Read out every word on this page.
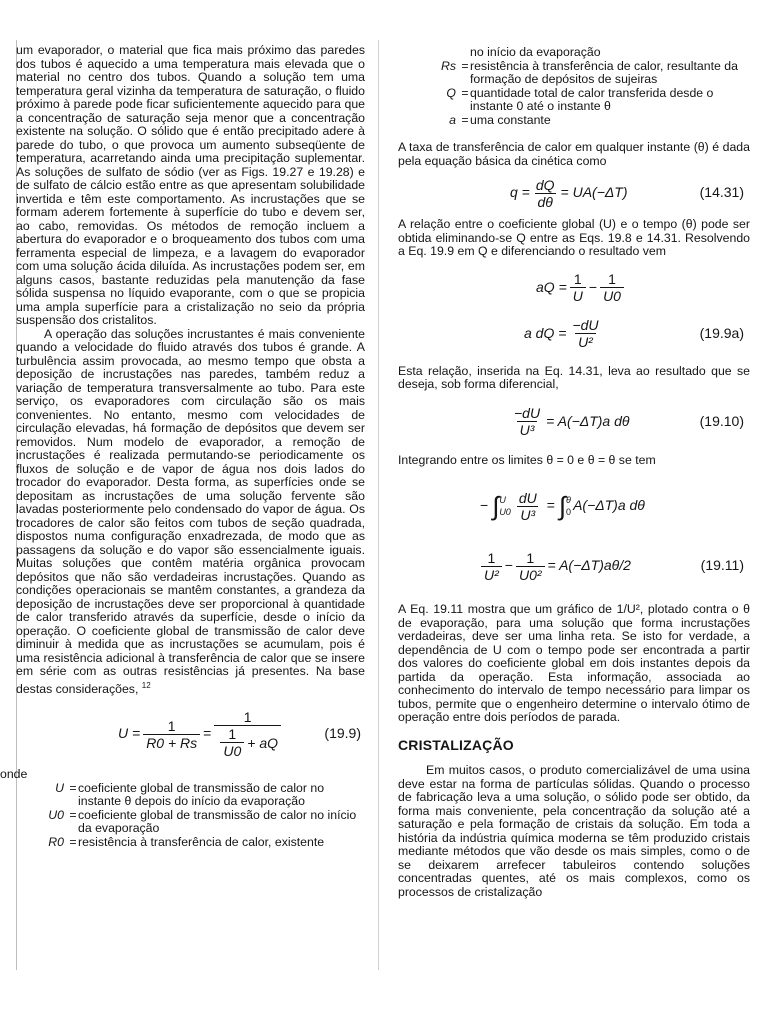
um evaporador, o material que fica mais próximo das paredes dos tubos é aquecido a uma temperatura mais elevada que o material no centro dos tubos. Quando a solução tem uma temperatura geral vizinha da temperatura de saturação, o fluido próximo à parede pode ficar suficientemente aquecido para que a concentração de saturação seja menor que a concentração existente na solução. O sólido que é então precipitado adere à parede do tubo, o que provoca um aumento subseqüente de temperatura, acarretando ainda uma precipitação suplementar. As soluções de sulfato de sódio (ver as Figs. 19.27 e 19.28) e de sulfato de cálcio estão entre as que apresentam solubilidade invertida e têm este comportamento. As incrustações que se formam aderem fortemente à superfície do tubo e devem ser, ao cabo, removidas. Os métodos de remoção incluem a abertura do evaporador e o broqueamento dos tubos com uma ferramenta especial de limpeza, e a lavagem do evaporador com uma solução ácida diluída. As incrustações podem ser, em alguns casos, bastante reduzidas pela manutenção da fase sólida suspensa no líquido evaporante, com o que se propicia uma ampla superfície para a cristalização no seio da própria suspensão dos cristalitos.

A operação das soluções incrustantes é mais conveniente quando a velocidade do fluido através dos tubos é grande. A turbulência assim provocada, ao mesmo tempo que obsta a deposição de incrustações nas paredes, também reduz a variação de temperatura transversalmente ao tubo. Para este serviço, os evaporadores com circulação são os mais convenientes. No entanto, mesmo com velocidades de circulação elevadas, há formação de depósitos que devem ser removidos. Num modelo de evaporador, a remoção de incrustações é realizada permutando-se periodicamente os fluxos de solução e de vapor de água nos dois lados do trocador do evaporador. Desta forma, as superfícies onde se depositam as incrustações de uma solução fervente são lavadas posteriormente pelo condensado do vapor de água. Os trocadores de calor são feitos com tubos de seção quadrada, dispostos numa configuração enxadrezada, de modo que as passagens da solução e do vapor são essencialmente iguais. Muitas soluções que contêm matéria orgânica provocam depósitos que não são verdadeiras incrustações. Quando as condições operacionais se mantêm constantes, a grandeza da deposição de incrustações deve ser proporcional à quantidade de calor transferido através da superfície, desde o início da operação. O coeficiente global de transmissão de calor deve diminuir à medida que as incrustações se acumulam, pois é uma resistência adicional à transferência de calor que se insere em série com as outras resistências já presentes. Na base destas considerações, $^{12}$

$U = \frac{1}{R0 + Rs} = \frac{1}{\frac{1}{U0} + aQ}$	(19.9)
onde
U = coeficiente global de transmissão de calor no instante θ depois do início da evaporação
U0 = coeficiente global de transmissão de calor no início da evaporação
R0 = resistência à transferência de calor, existente
no início da evaporação
Rs = resistência à transferência de calor, resultante da formação de depósitos de sujeiras
Q = quantidade total de calor transferida desde o instante 0 até o instante θ
a = uma constante

A taxa de transferência de calor em qualquer instante (θ) é dada pela equação básica da cinética como

$q = \frac{dQ}{d\theta} = UA(-\Delta T)$	(14.31)

A relação entre o coeficiente global (U) e o tempo (θ) pode ser obtida eliminando-se Q entre as Eqs. 19.8 e 14.31. Resolvendo a Eq. 19.9 em Q e diferenciando o resultado vem

aQ = $\frac{1}{U} - \frac{1}{U0}$
a dQ = $\frac{-dU}{\text{U²}}$	(19.9a)

Esta relação, inserida na Eq. 14.31, leva ao resultado que se deseja, sob forma diferencial,

$\frac{-dU}{\text{U³}} = A(-\Delta T)a$ dθ	(19.10)

Integrando entre os limites θ = 0 e θ = θ se tem

− ∫ U
$U0 \frac{dU}{\text{U³}}$ = ∫ θ
0 A(−ΔT)a dθ
$\frac{1}{\text{U²}} - \frac{1}{\text{U0²}} = A(-\Delta T)a\theta/2$	(19.11)

A Eq. 19.11 mostra que um gráfico de 1/U², plotado contra o θ de evaporação, para uma solução que forma incrustações verdadeiras, deve ser uma linha reta. Se isto for verdade, a dependência de U com o tempo pode ser encontrada a partir dos valores do coeficiente global em dois instantes depois da partida da operação. Esta informação, associada ao conhecimento do intervalo de tempo necessário para limpar os tubos, permite que o engenheiro determine o intervalo ótimo de operação entre dois períodos de parada.

CRISTALIZAÇÃO

Em muitos casos, o produto comercializável de uma usina deve estar na forma de partículas sólidas. Quando o processo de fabricação leva a uma solução, o sólido pode ser obtido, da forma mais conveniente, pela concentração da solução até a saturação e pela formação de cristais da solução. Em toda a história da indústria química moderna se têm produzido cristais mediante métodos que vão desde os mais simples, como o de se deixarem arrefecer tabuleiros contendo soluções concentradas quentes, até os mais complexos, como os processos de cristalização
